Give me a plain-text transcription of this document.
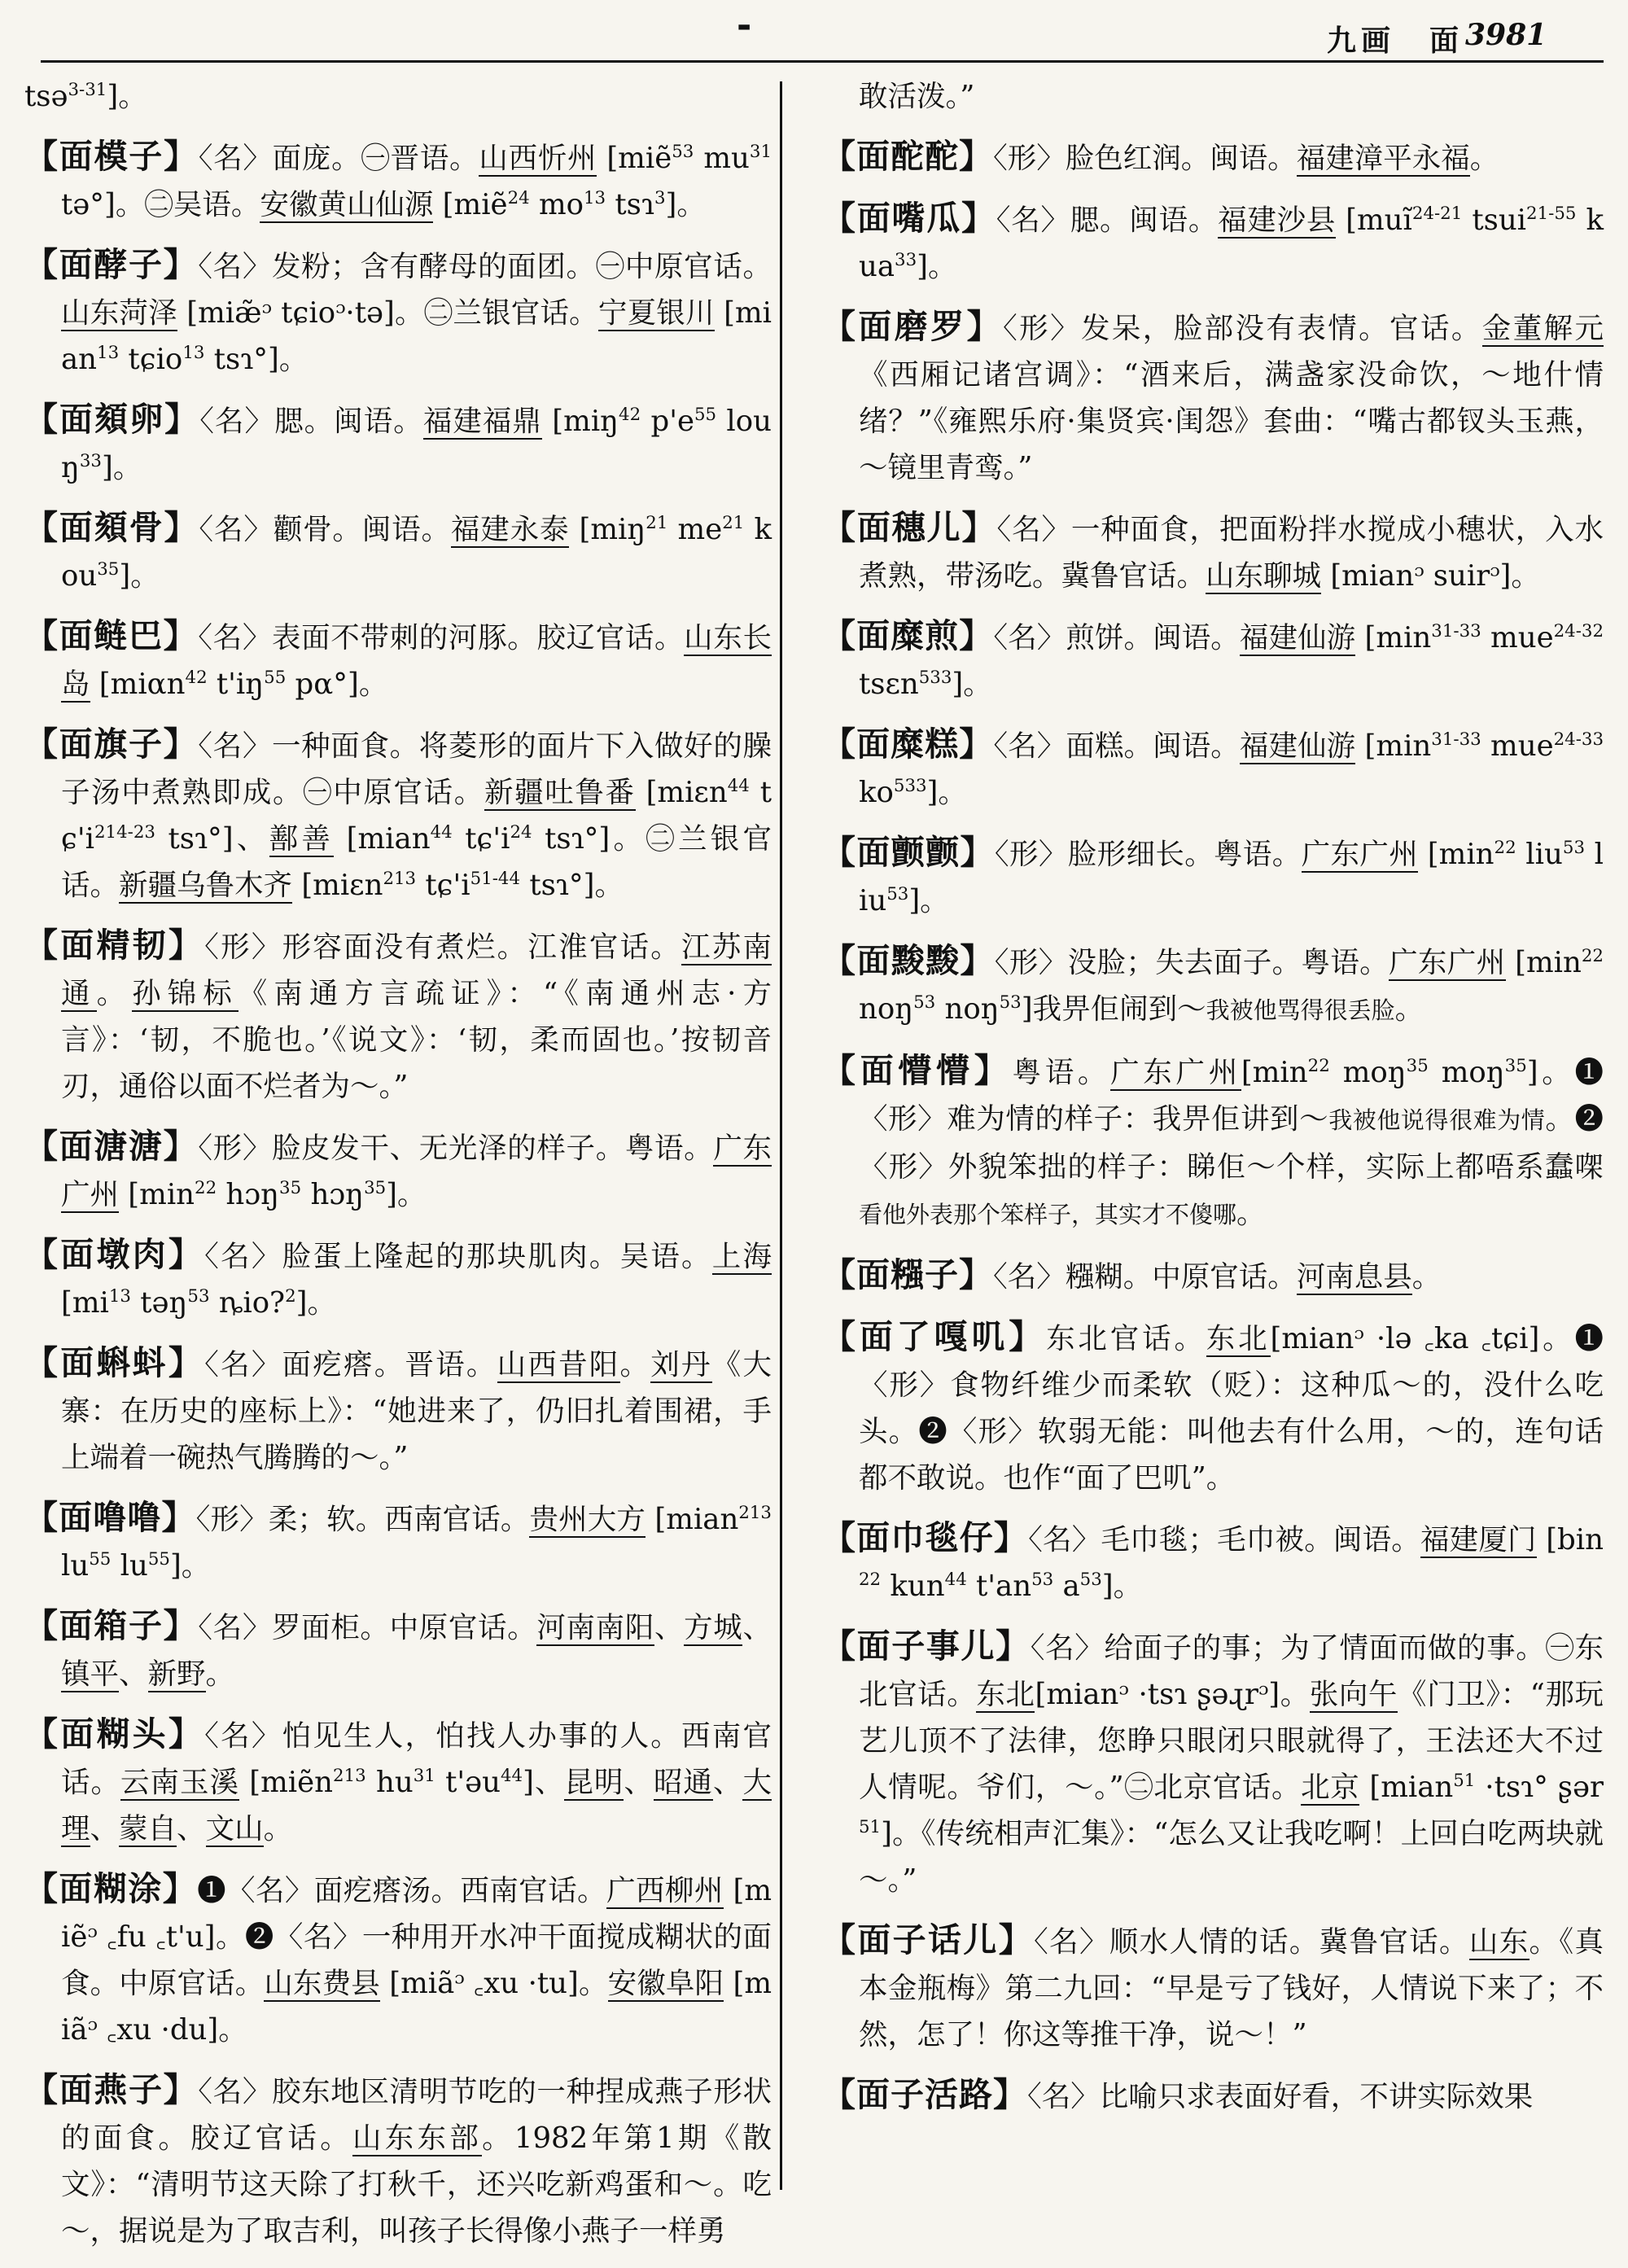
-	九画　面 3981

tsə$^{3-31}$]。

【面模子】〈名〉面庞。㊀晋语。山西忻州 [miẽ$^{53}$ $mu^{31}$ tə°]。㊁吴语。安徽黄山仙源 [miẽ$^{24}$ $mo^{13}$ tsɿ$^3$]。

【面酵子】〈名〉发粉；含有酵母的面团。㊀中原官话。山东菏泽 [miæ̃ᵓ tɕioᵓ·tə]。㊁兰银官话。宁夏银川 [mian$^{13}$ tɕio$^{13}$ tsɿ°]。

【面頦卵】〈名〉腮。闽语。福建福鼎 [miŋ$^{42}$ $p'e^{55}$ louŋ$^{33}$]。

【面頦骨】〈名〉颧骨。闽语。福建永泰 [miŋ$^{21}$ $me^{21}$ kou$^{35}$]。

【面鲢巴】〈名〉表面不带刺的河豚。胶辽官话。山东长岛 [miαn$^{42}$ $t'iŋ^{55}$ pα°]。

【面旗子】〈名〉一种面食。将菱形的面片下入做好的臊子汤中煮熟即成。㊀中原官话。新疆吐鲁番 [miɛn$^{44}$ $tɕ'i^{214-23}$ tsɿ°]、鄯善 [mian$^{44}$ $tɕ'i^{24}$ tsɿ°]。㊁兰银官话。新疆乌鲁木齐 [miɛn$^{213}$ $tɕ'i^{51-44}$ tsɿ°]。

【面精韧】〈形〉形容面没有煮烂。江淮官话。江苏南通。孙锦标《南通方言疏证》：“《南通州志·方言》：‘韧，不脆也。’《说文》：‘韧，柔而固也。’按韧音刃，通俗以面不烂者为～。”

【面溏溏】〈形〉脸皮发干、无光泽的样子。粤语。广东广州 [$\min^{22}$ hɔŋ$^{35}$ hɔŋ$^{35}$]。

【面墩肉】〈名〉脸蛋上隆起的那块肌肉。吴语。上海 [$mi^{13}$ təŋ$^{53}$ ȵio?$^2$]。

【面蝌蚪】〈名〉面疙瘩。晋语。山西昔阳。刘丹《大寨：在历史的座标上》：“她进来了，仍旧扎着围裙，手上端着一碗热气腾腾的～。”

【面噜噜】〈形〉柔；软。西南官话。贵州大方 [mian$^{213}$ $lu^{55}$ $lu^{55}$]。

【面箱子】〈名〉罗面柜。中原官话。河南南阳、方城、镇平、新野。

【面糊头】〈名〉怕见生人，怕找人办事的人。西南官话。云南玉溪 [miẽn$^{213}$ $hu^{31}$ t'əu$^{44}$]、昆明、昭通、大理、蒙自、文山。

【面糊涂】❶〈名〉面疙瘩汤。西南官话。广西柳州 [miẽᵓ ꜀fu ꜀t'u]。❷〈名〉一种用开水冲干面搅成糊状的面食。中原官话。山东费县 [miãᵓ ꜀xu ·tu]。安徽阜阳 [miãᵓ ꜀xu ·du]。

【面燕子】〈名〉胶东地区清明节吃的一种捏成燕子形状的面食。胶辽官话。山东东部。1982年第1期《散文》：“清明节这天除了打秋千，还兴吃新鸡蛋和～。吃～，据说是为了取吉利，叫孩子长得像小燕子一样勇

敢活泼。”

【面酡酡】〈形〉脸色红润。闽语。福建漳平永福。

【面嘴瓜】〈名〉腮。闽语。福建沙县 [muĩ$^{24-21}$ tsui$^{21-55}$ kua$^{33}$]。

【面磨罗】〈形〉发呆，脸部没有表情。官话。金董解元《西厢记诸宫调》：“酒来后，满盏家没命饮，～地什情绪？”《雍熙乐府·集贤宾·闺怨》套曲：“嘴古都钗头玉燕，～镜里青鸾。”

【面穗儿】〈名〉一种面食，把面粉拌水搅成小穗状，入水煮熟，带汤吃。冀鲁官话。山东聊城 [mianᵓ suirᵓ]。

【面糜煎】〈名〉煎饼。闽语。福建仙游 [$\min^{31-33}$ mue$^{24-32}$ tsɛn$^{533}$]。

【面糜糕】〈名〉面糕。闽语。福建仙游 [$\min^{31-33}$ mue$^{24-33}$ $ko^{533}$]。

【面颤颤】〈形〉脸形细长。粤语。广东广州 [$\min^{22}$ liu$^{53}$ liu$^{53}$]。

【面黢黢】〈形〉没脸；失去面子。粤语。广东广州 [$\min^{22}$ noŋ$^{53}$ noŋ$^{53}$]我畀佢闹到～我被他骂得很丢脸。

【面懵懵】粤语。广东广州[$\min^{22}$ moŋ$^{35}$ moŋ$^{35}$]。❶〈形〉难为情的样子：我畀佢讲到～我被他说得很难为情。❷〈形〉外貌笨拙的样子：睇佢～个样，实际上都唔系蠢㗎看他外表那个笨样子，其实才不傻哪。

【面糨子】〈名〉糨糊。中原官话。河南息县。

【面了嘎叽】东北官话。东北[mianᵓ ·lə ꜀ka ꜀tɕi]。❶〈形〉食物纤维少而柔软（贬）：这种瓜～的，没什么吃头。❷〈形〉软弱无能：叫他去有什么用，～的，连句话都不敢说。也作“面了巴叽”。

【面巾毯仔】〈名〉毛巾毯；毛巾被。闽语。福建厦门 [bin$^{22}$ kun$^{44}$ $t'an^{53}$ $a^{53}$]。

【面子事儿】〈名〉给面子的事；为了情面而做的事。㊀东北官话。东北[mianᵓ ·tsɿ ʂəɻrᵓ]。张向午《门卫》：“那玩艺儿顶不了法律，您睁只眼闭只眼就得了，王法还大不过人情呢。爷们，～。”㊁北京官话。北京 [mian$^{51}$ ·tsɿ° ʂər$^{51}$]。《传统相声汇集》：“怎么又让我吃啊！上回白吃两块就～。”

【面子话儿】〈名〉顺水人情的话。冀鲁官话。山东。《真本金瓶梅》第二九回：“早是亏了钱好，人情说下来了；不然，怎了！你这等推干净，说～！”

【面子活路】〈名〉比喻只求表面好看，不讲实际效果
